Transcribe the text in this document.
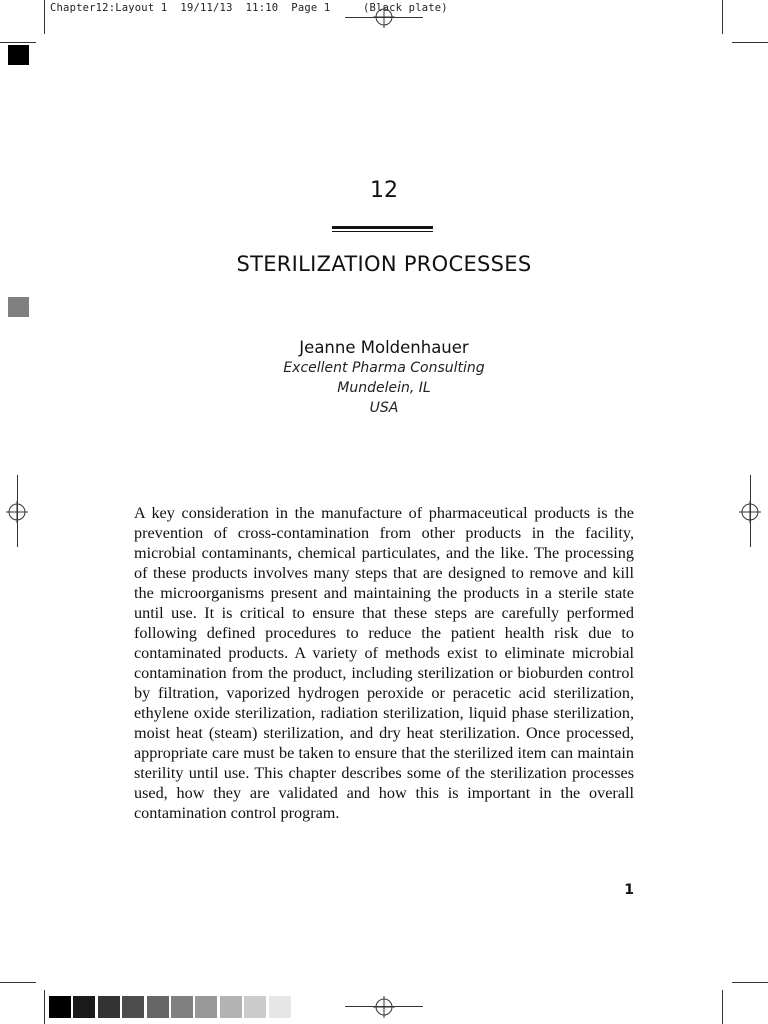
Chapter12:Layout 1  19/11/13  11:10  Page 1     (Black plate)
12
STERILIZATION PROCESSES
Jeanne Moldenhauer
Excellent Pharma Consulting
Mundelein, IL
USA

A key consideration in the manufacture of pharmaceutical products is the prevention of cross-contamination from other products in the facility, microbial contaminants, chemical particulates, and the like. The processing of these products involves many steps that are designed to remove and kill the microorganisms present and maintaining the products in a sterile state until use. It is critical to ensure that these steps are carefully performed following defined procedures to reduce the patient health risk due to contaminated products. A variety of methods exist to eliminate microbial contamination from the product, including sterilization or bioburden control by filtration, vaporized hydrogen peroxide or peracetic acid sterilization, ethylene oxide sterilization, radiation sterilization, liquid phase sterilization, moist heat (steam) sterilization, and dry heat sterilization. Once processed, appropriate care must be taken to ensure that the sterilized item can maintain sterility until use. This chapter describes some of the sterilization processes used, how they are validated and how this is important in the overall contamination control program.

1
